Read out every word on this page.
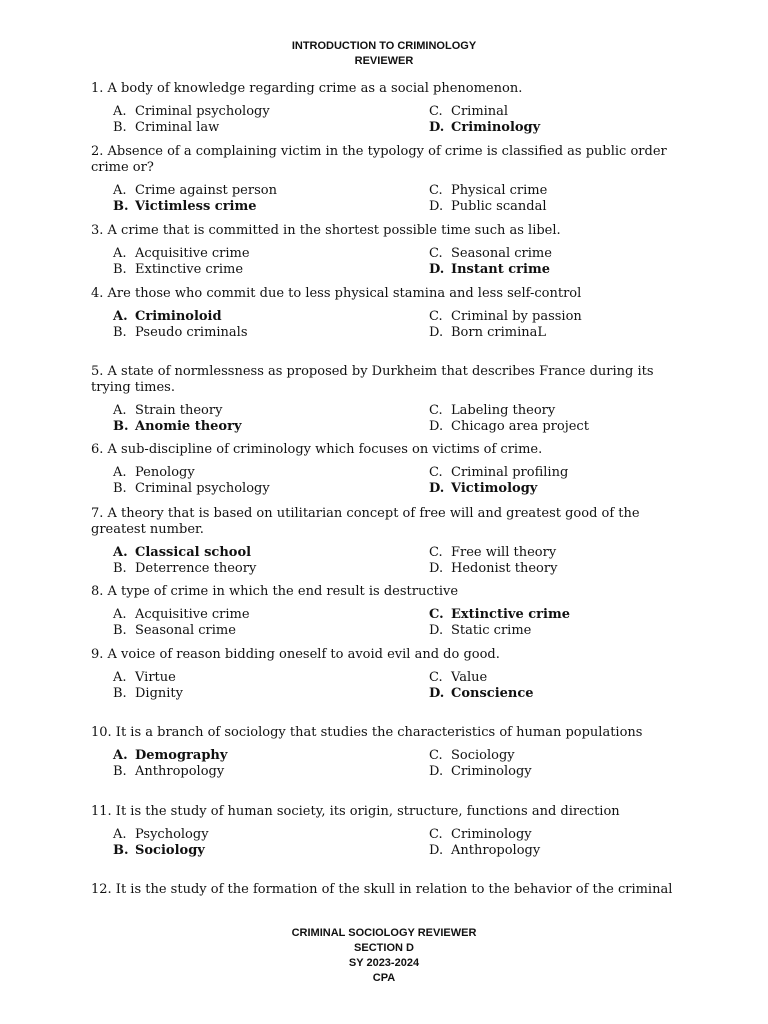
INTRODUCTION TO CRIMINOLOGY
REVIEWER

1. A body of knowledge regarding crime as a social phenomenon.

A. Criminal psychology
B. Criminal law
C. Criminal
D. Criminology

2. Absence of a complaining victim in the typology of crime is classified as public order crime or?

A. Crime against person
B. Victimless crime
C. Physical crime
D. Public scandal

3. A crime that is committed in the shortest possible time such as libel.

A. Acquisitive crime
B. Extinctive crime
C. Seasonal crime
D. Instant crime

4. Are those who commit due to less physical stamina and less self-control

A. Criminoloid
B. Pseudo criminals
C. Criminal by passion
D. Born criminaL

5. A state of normlessness as proposed by Durkheim that describes France during its trying times.

A. Strain theory
B. Anomie theory
C. Labeling theory
D. Chicago area project

6. A sub-discipline of criminology which focuses on victims of crime.

A. Penology
B. Criminal psychology
C. Criminal profiling
D. Victimology

7. A theory that is based on utilitarian concept of free will and greatest good of the greatest number.

A. Classical school
B. Deterrence theory
C. Free will theory
D. Hedonist theory

8. A type of crime in which the end result is destructive

A. Acquisitive crime
B. Seasonal crime
C. Extinctive crime
D. Static crime

9. A voice of reason bidding oneself to avoid evil and do good.

A. Virtue
B. Dignity
C. Value
D. Conscience

10. It is a branch of sociology that studies the characteristics of human populations

A. Demography
B. Anthropology
C. Sociology
D. Criminology

11. It is the study of human society, its origin, structure, functions and direction

A. Psychology
B. Sociology
C. Criminology
D. Anthropology

12. It is the study of the formation of the skull in relation to the behavior of the criminal

CRIMINAL SOCIOLOGY REVIEWER
SECTION D
SY 2023-2024
CPA
